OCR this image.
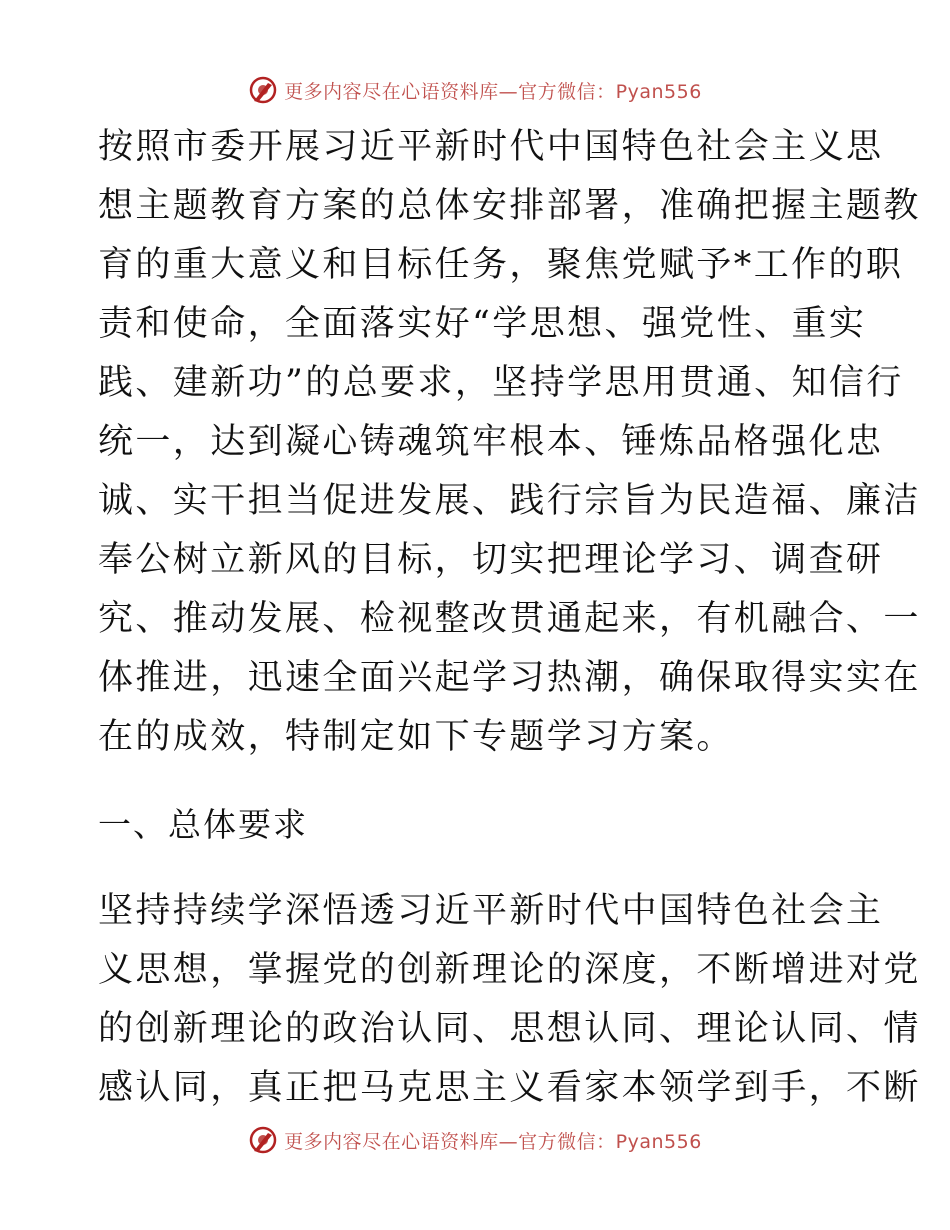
更多内容尽在心语资料库—官方微信：Pyan556
按照市委开展习近平新时代中国特色社会主义思
想主题教育方案的总体安排部署，准确把握主题教
育的重大意义和目标任务，聚焦党赋予*工作的职
责和使命，全面落实好“学思想、强党性、重实
践、建新功”的总要求，坚持学思用贯通、知信行
统一，达到凝心铸魂筑牢根本、锤炼品格强化忠
诚、实干担当促进发展、践行宗旨为民造福、廉洁
奉公树立新风的目标，切实把理论学习、调查研
究、推动发展、检视整改贯通起来，有机融合、一
体推进，迅速全面兴起学习热潮，确保取得实实在
在的成效，特制定如下专题学习方案。
一、总体要求
坚持持续学深悟透习近平新时代中国特色社会主
义思想，掌握党的创新理论的深度，不断增进对党
的创新理论的政治认同、思想认同、理论认同、情
感认同，真正把马克思主义看家本领学到手，不断
更多内容尽在心语资料库—官方微信：Pyan556
